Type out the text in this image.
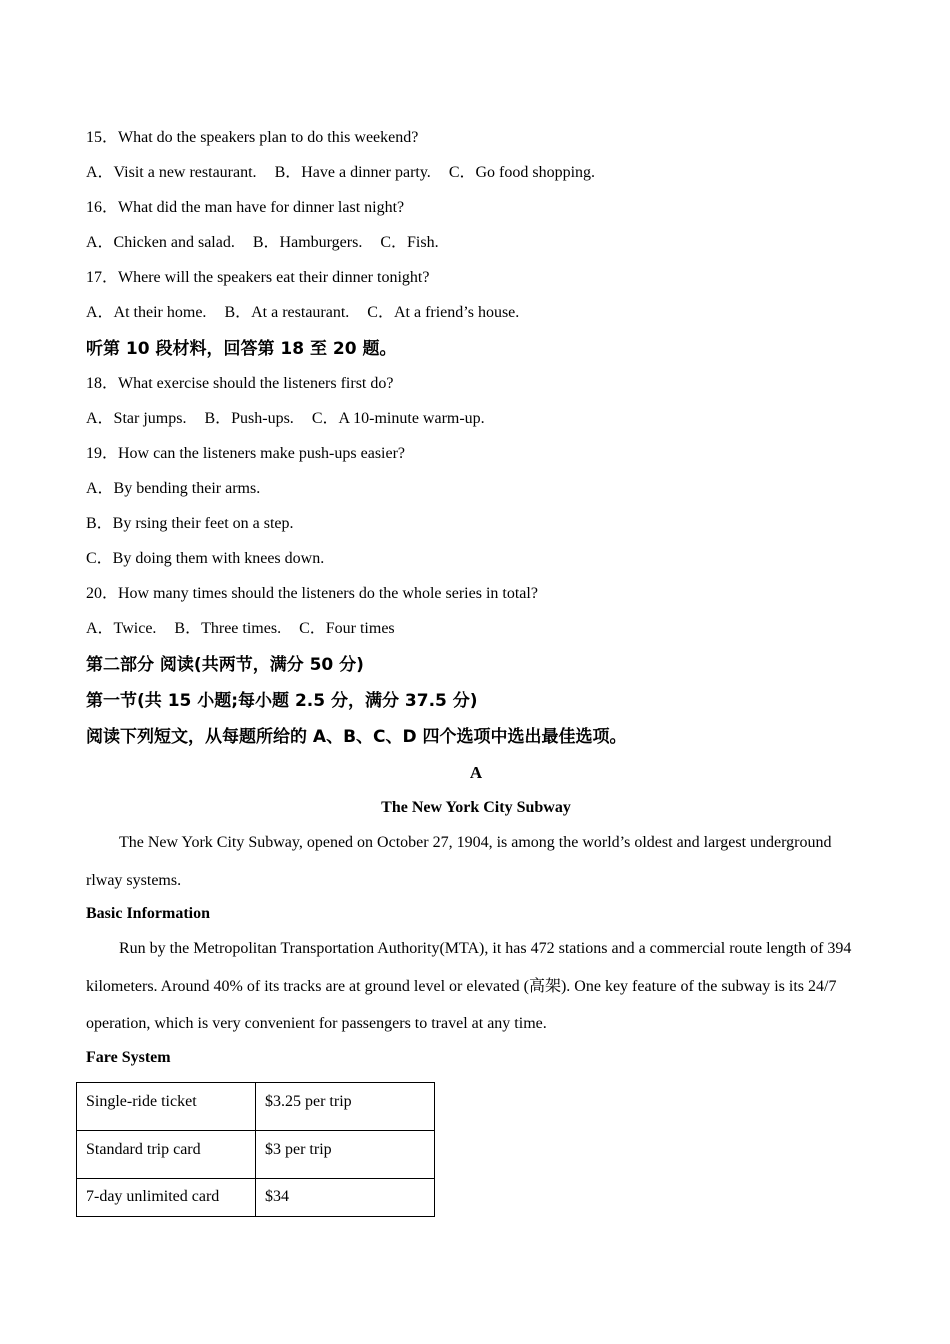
15．What do the speakers plan to do this weekend?
A．Visit a new restaurant. B．Have a dinner party. C．Go food shopping.
16．What did the man have for dinner last night?
A．Chicken and salad. B．Hamburgers. C．Fish.
17．Where will the speakers eat their dinner tonight?
A．At their home. B．At a restaurant. C．At a friend’s house.
听第 10 段材料，回答第 18 至 20 题。
18．What exercise should the listeners first do?
A．Star jumps. B．Push-ups. C．A 10-minute warm-up.
19．How can the listeners make push-ups easier?
A．By bending their arms.
B．By rsing their feet on a step.
C．By doing them with knees down.
20．How many times should the listeners do the whole series in total?
A．Twice. B．Three times. C．Four times
第二部分 阅读(共两节，满分 50 分)
第一节(共 15 小题;每小题 2.5 分，满分 37.5 分)
阅读下列短文，从每题所给的 A、B、C、D 四个选项中选出最佳选项。
A
The New York City Subway

The New York City Subway, opened on October 27, 1904, is among the world’s oldest and largest underground rlway systems.

Basic Information

Run by the Metropolitan Transportation Authority(MTA), it has 472 stations and a commercial route length of 394 kilometers. Around 40% of its tracks are at ground level or elevated (高架). One key feature of the subway is its 24/7 operation, which is very convenient for passengers to travel at any time.

Fare System
Single-ride ticket	$3.25 per trip
Standard trip card	$3 per trip
7-day unlimited card	$34
